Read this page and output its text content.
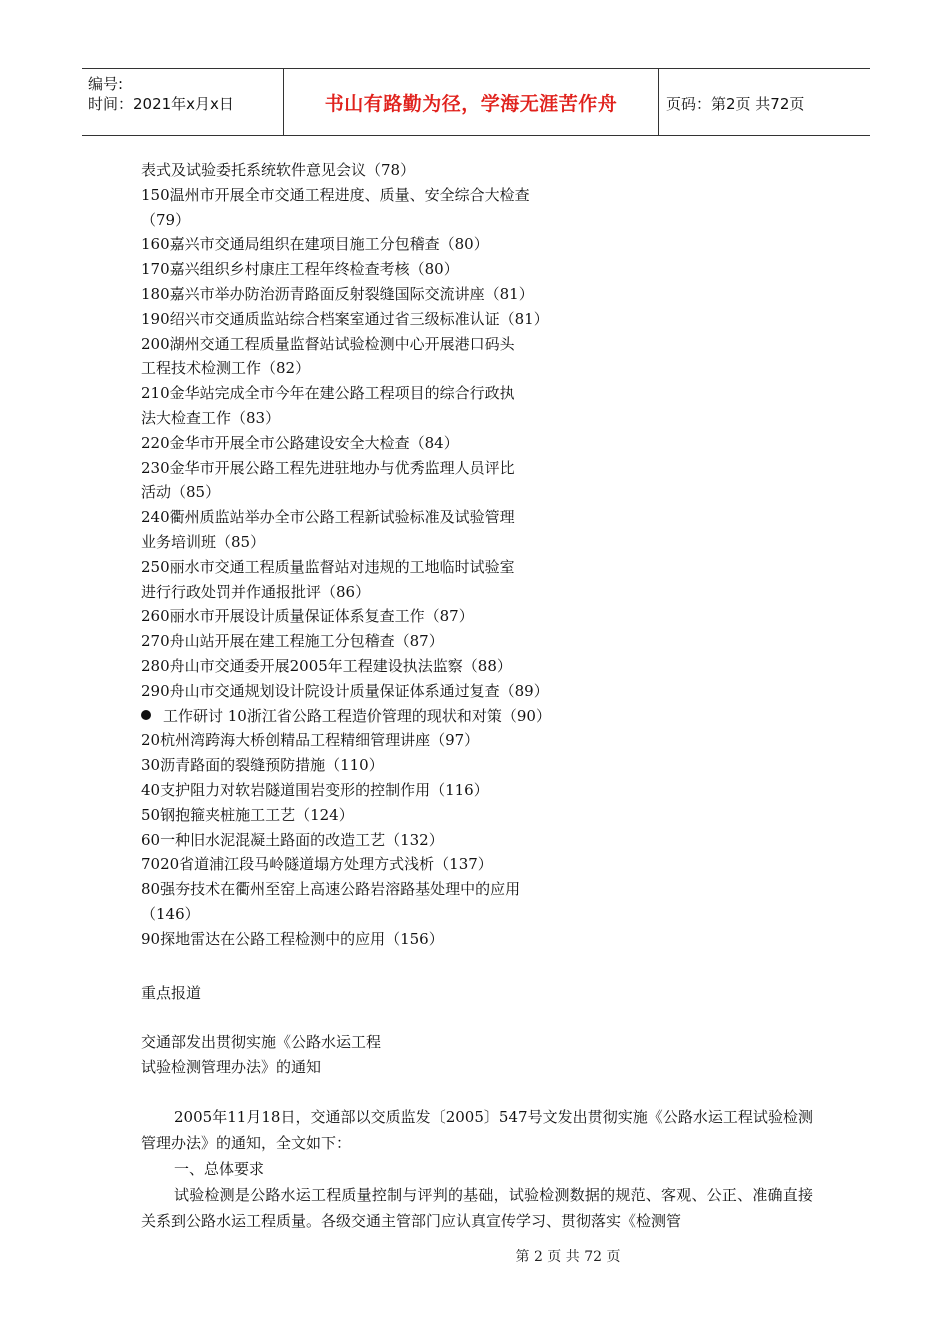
编号:
时间：2021年x月x日	书山有路勤为径，学海无涯苦作舟	页码：第2页 共72页
表式及试验委托系统软件意见会议（78）
150温州市开展全市交通工程进度、质量、安全综合大检查
（79）
160嘉兴市交通局组织在建项目施工分包稽查（80）
170嘉兴组织乡村康庄工程年终检查考核（80）
180嘉兴市举办防治沥青路面反射裂缝国际交流讲座（81）
190绍兴市交通质监站综合档案室通过省三级标准认证（81）
200湖州交通工程质量监督站试验检测中心开展港口码头
工程技术检测工作（82）
210金华站完成全市今年在建公路工程项目的综合行政执
法大检查工作（83）
220金华市开展全市公路建设安全大检查（84）
230金华市开展公路工程先进驻地办与优秀监理人员评比
活动（85）
240衢州质监站举办全市公路工程新试验标准及试验管理
业务培训班（85）
250丽水市交通工程质量监督站对违规的工地临时试验室
进行行政处罚并作通报批评（86）
260丽水市开展设计质量保证体系复查工作（87）
270舟山站开展在建工程施工分包稽查（87）
280舟山市交通委开展2005年工程建设执法监察（88）
290舟山市交通规划设计院设计质量保证体系通过复查（89）
工作研讨 10浙江省公路工程造价管理的现状和对策（90）
20杭州湾跨海大桥创精品工程精细管理讲座（97）
30沥青路面的裂缝预防措施（110）
40支护阻力对软岩隧道围岩变形的控制作用（116）
50钢抱箍夹桩施工工艺（124）
60一种旧水泥混凝土路面的改造工艺（132）
7020省道浦江段马岭隧道塌方处理方式浅析（137）
80强夯技术在衢州至窑上高速公路岩溶路基处理中的应用
（146）
90探地雷达在公路工程检测中的应用（156）
重点报道
交通部发出贯彻实施《公路水运工程
试验检测管理办法》的通知

2005年11月18日，交通部以交质监发〔2005〕547号文发出贯彻实施《公路水运工程试验检测管理办法》的通知，全文如下：

一、总体要求

试验检测是公路水运工程质量控制与评判的基础，试验检测数据的规范、客观、公正、准确直接关系到公路水运工程质量。各级交通主管部门应认真宣传学习、贯彻落实《检测管

第 2 页 共 72 页
